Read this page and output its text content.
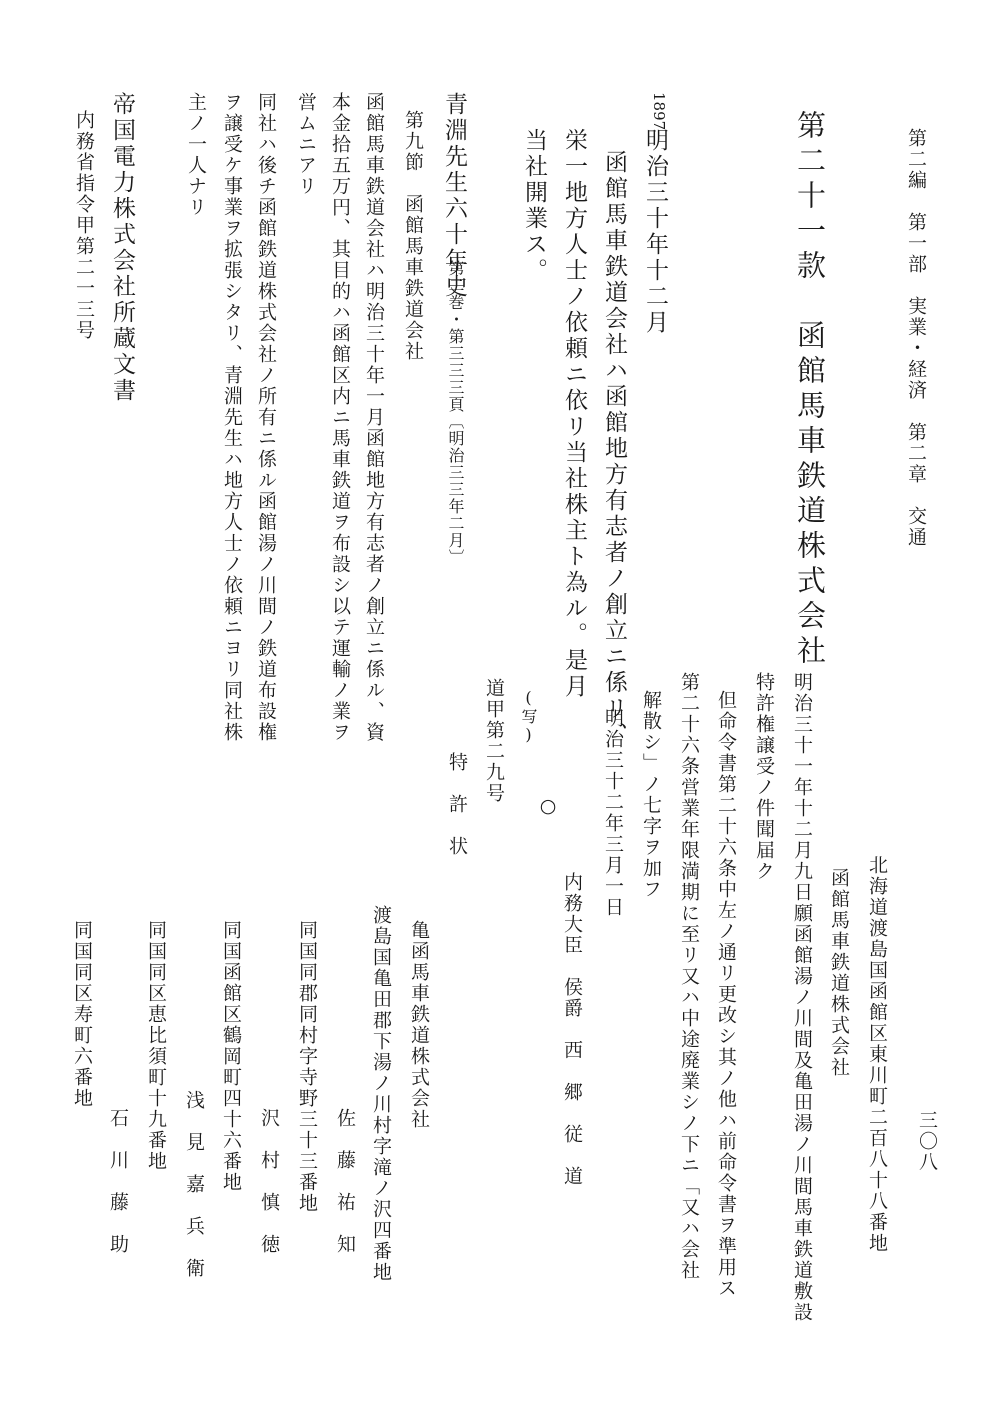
第二編　第一部　実業・経済　第二章　交通
三〇八
第二十一款　函館馬車鉄道株式会社
1897
明治三十年十二月
函館馬車鉄道会社ハ函館地方有志者ノ創立ニ係リ、
栄一地方人士ノ依頼ニ依リ当社株主ト為ル。是月
当社開業ス。
青淵先生六十年史
第二巻・第三三三頁〔明治三三年二月〕
第九節　函館馬車鉄道会社
函館馬車鉄道会社ハ明治三十年一月函館地方有志者ノ創立ニ係ル、資
本金拾五万円、其目的ハ函館区内ニ馬車鉄道ヲ布設シ以テ運輸ノ業ヲ
営ムニアリ
同社ハ後チ函館鉄道株式会社ノ所有ニ係ル函館湯ノ川間ノ鉄道布設権
ヲ譲受ケ事業ヲ拡張シタリ、青淵先生ハ地方人士ノ依頼ニヨリ同社株
主ノ一人ナリ
帝国電力株式会社所蔵文書
内務省指令甲第二一三号
北海道渡島国函館区東川町二百八十八番地
函館馬車鉄道株式会社
明治三十一年十二月九日願函館湯ノ川間及亀田湯ノ川間馬車鉄道敷設
特許権譲受ノ件聞届ク
但命令書第二十六条中左ノ通リ更改シ其ノ他ハ前命令書ヲ準用ス
第二十六条営業年限満期に至リ又ハ中途廃業シノ下ニ「又ハ会社
解散シ」ノ七字ヲ加フ
明治三十二年三月一日
○
内務大臣　侯爵　西　郷　従　道
(写)
道甲第二九号
特　許　状
亀函馬車鉄道株式会社
渡島国亀田郡下湯ノ川村字滝ノ沢四番地
佐　藤　祐　知
同国同郡同村字寺野三十三番地
沢　村　慎　徳
同国函館区鶴岡町四十六番地
浅　見　嘉　兵　衛
同国同区恵比須町十九番地
石　川　藤　助
同国同区寿町六番地
